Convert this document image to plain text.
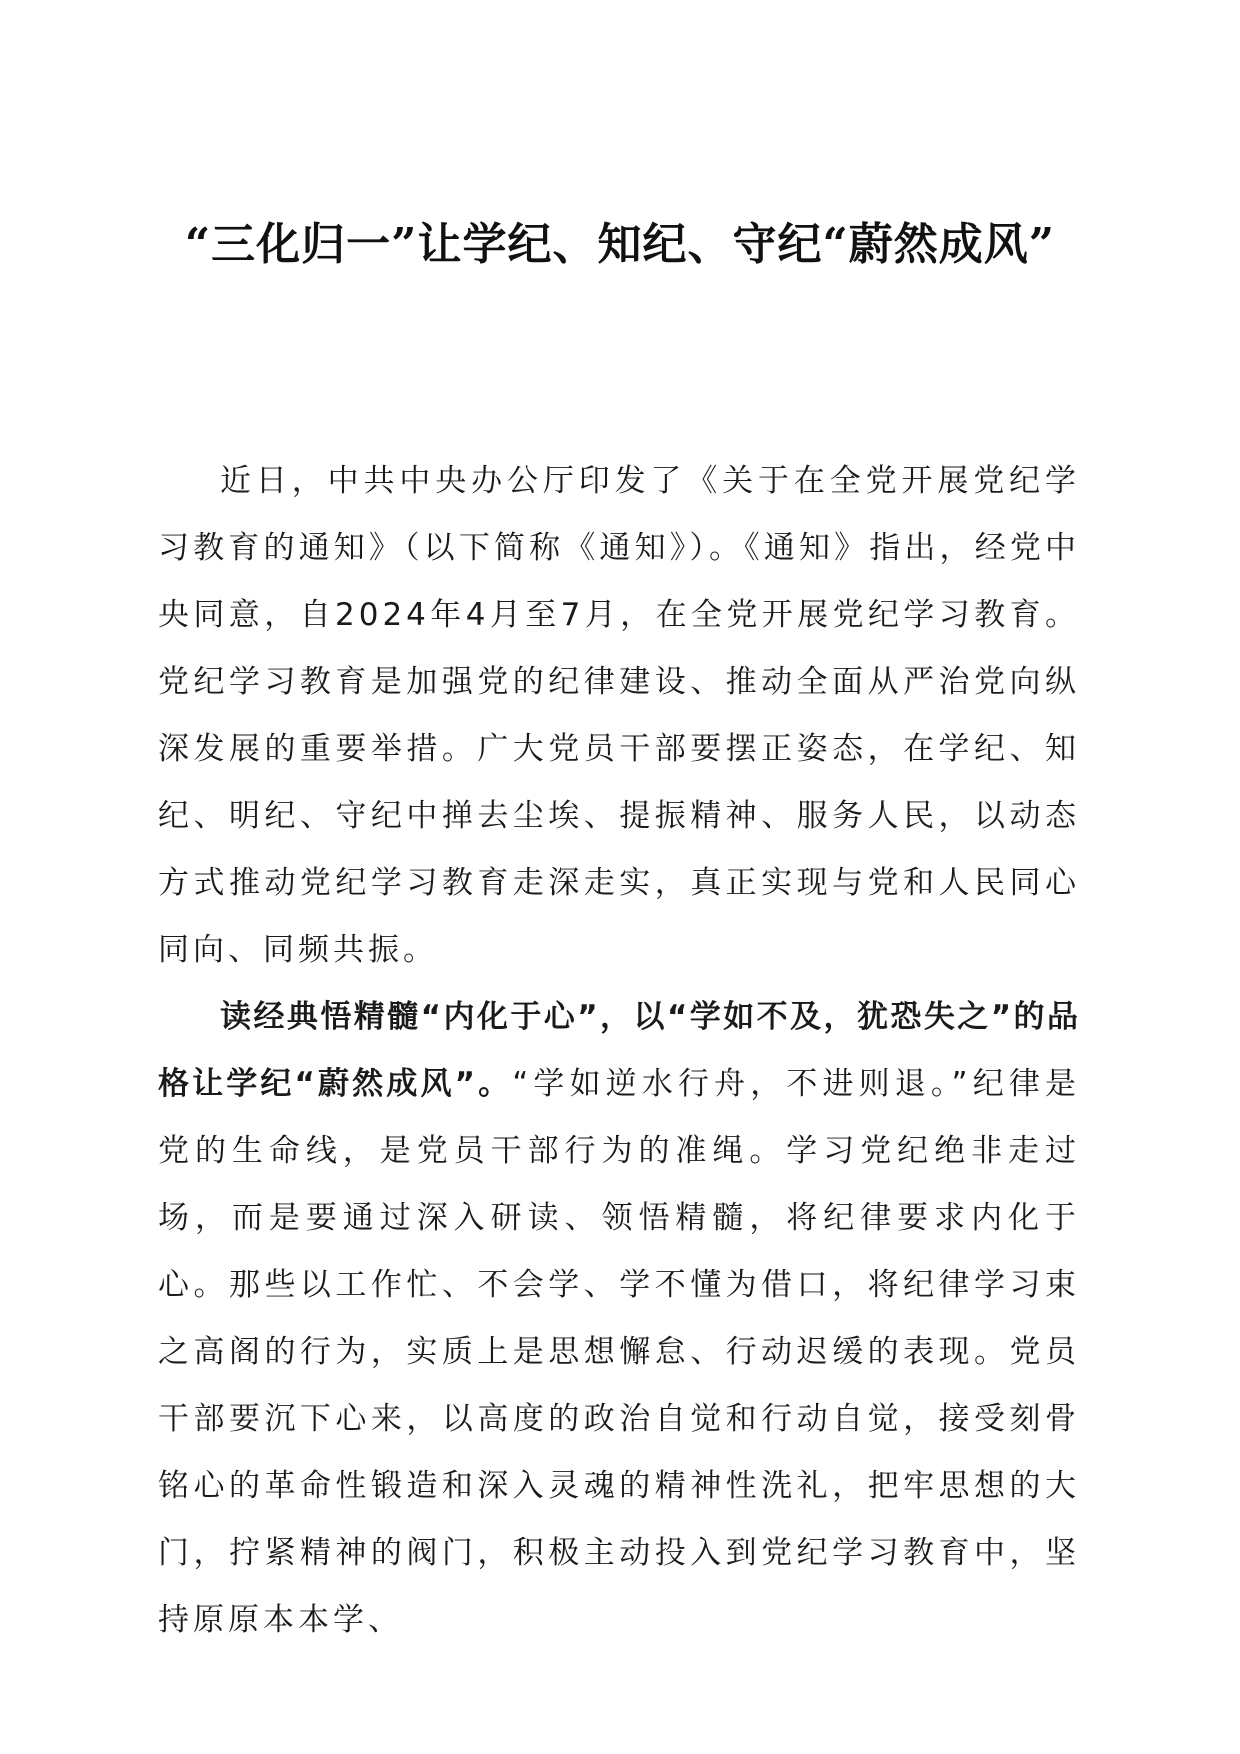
“三化归一”让学纪、知纪、守纪“蔚然成风”

近日，中共中央办公厅印发了《关于在全党开展党纪学习教育的通知》（以下简称《通知》）。《通知》指出，经党中央同意，自2024年4月至7月，在全党开展党纪学习教育。党纪学习教育是加强党的纪律建设、推动全面从严治党向纵深发展的重要举措。广大党员干部要摆正姿态，在学纪、知纪、明纪、守纪中掸去尘埃、提振精神、服务人民，以动态方式推动党纪学习教育走深走实，真正实现与党和人民同心同向、同频共振。

读经典悟精髓“内化于心”，以“学如不及，犹恐失之”的品格让学纪“蔚然成风”。“学如逆水行舟，不进则退。”纪律是党的生命线，是党员干部行为的准绳。学习党纪绝非走过场，而是要通过深入研读、领悟精髓，将纪律要求内化于心。那些以工作忙、不会学、学不懂为借口，将纪律学习束之高阁的行为，实质上是思想懈怠、行动迟缓的表现。党员干部要沉下心来，以高度的政治自觉和行动自觉，接受刻骨铭心的革命性锻造和深入灵魂的精神性洗礼，把牢思想的大门，拧紧精神的阀门，积极主动投入到党纪学习教育中，坚持原原本本学、
